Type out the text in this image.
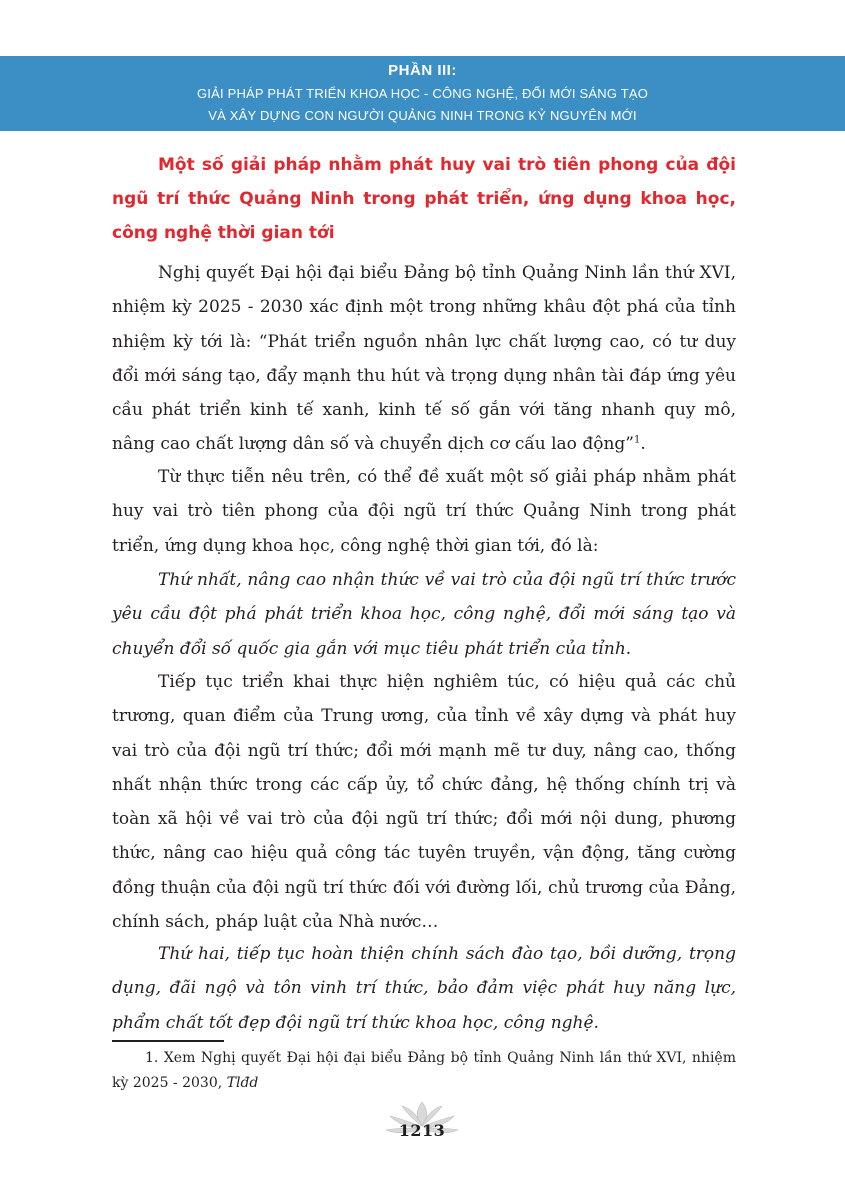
PHẦN III:
GIẢI PHÁP PHÁT TRIỂN KHOA HỌC - CÔNG NGHỆ, ĐỔI MỚI SÁNG TẠO
VÀ XÂY DỰNG CON NGƯỜI QUẢNG NINH TRONG KỶ NGUYÊN MỚI

Một số giải pháp nhằm phát huy vai trò tiên phong của đội ngũ trí thức Quảng Ninh trong phát triển, ứng dụng khoa học, công nghệ thời gian tới

Nghị quyết Đại hội đại biểu Đảng bộ tỉnh Quảng Ninh lần thứ XVI, nhiệm kỳ 2025 - 2030 xác định một trong những khâu đột phá của tỉnh nhiệm kỳ tới là: “Phát triển nguồn nhân lực chất lượng cao, có tư duy đổi mới sáng tạo, đẩy mạnh thu hút và trọng dụng nhân tài đáp ứng yêu cầu phát triển kinh tế xanh, kinh tế số gắn với tăng nhanh quy mô, nâng cao chất lượng dân số và chuyển dịch cơ cấu lao động”$^1$.

Từ thực tiễn nêu trên, có thể đề xuất một số giải pháp nhằm phát huy vai trò tiên phong của đội ngũ trí thức Quảng Ninh trong phát triển, ứng dụng khoa học, công nghệ thời gian tới, đó là:

Thứ nhất, nâng cao nhận thức về vai trò của đội ngũ trí thức trước yêu cầu đột phá phát triển khoa học, công nghệ, đổi mới sáng tạo và chuyển đổi số quốc gia gắn với mục tiêu phát triển của tỉnh.

Tiếp tục triển khai thực hiện nghiêm túc, có hiệu quả các chủ trương, quan điểm của Trung ương, của tỉnh về xây dựng và phát huy vai trò của đội ngũ trí thức; đổi mới mạnh mẽ tư duy, nâng cao, thống nhất nhận thức trong các cấp ủy, tổ chức đảng, hệ thống chính trị và toàn xã hội về vai trò của đội ngũ trí thức; đổi mới nội dung, phương thức, nâng cao hiệu quả công tác tuyên truyền, vận động, tăng cường đồng thuận của đội ngũ trí thức đối với đường lối, chủ trương của Đảng, chính sách, pháp luật của Nhà nước…

Thứ hai, tiếp tục hoàn thiện chính sách đào tạo, bồi dưỡng, trọng dụng, đãi ngộ và tôn vinh trí thức, bảo đảm việc phát huy năng lực, phẩm chất tốt đẹp đội ngũ trí thức khoa học, công nghệ.

1. Xem Nghị quyết Đại hội đại biểu Đảng bộ tỉnh Quảng Ninh lần thứ XVI, nhiệm kỳ 2025 - 2030, Tlđd

1213
